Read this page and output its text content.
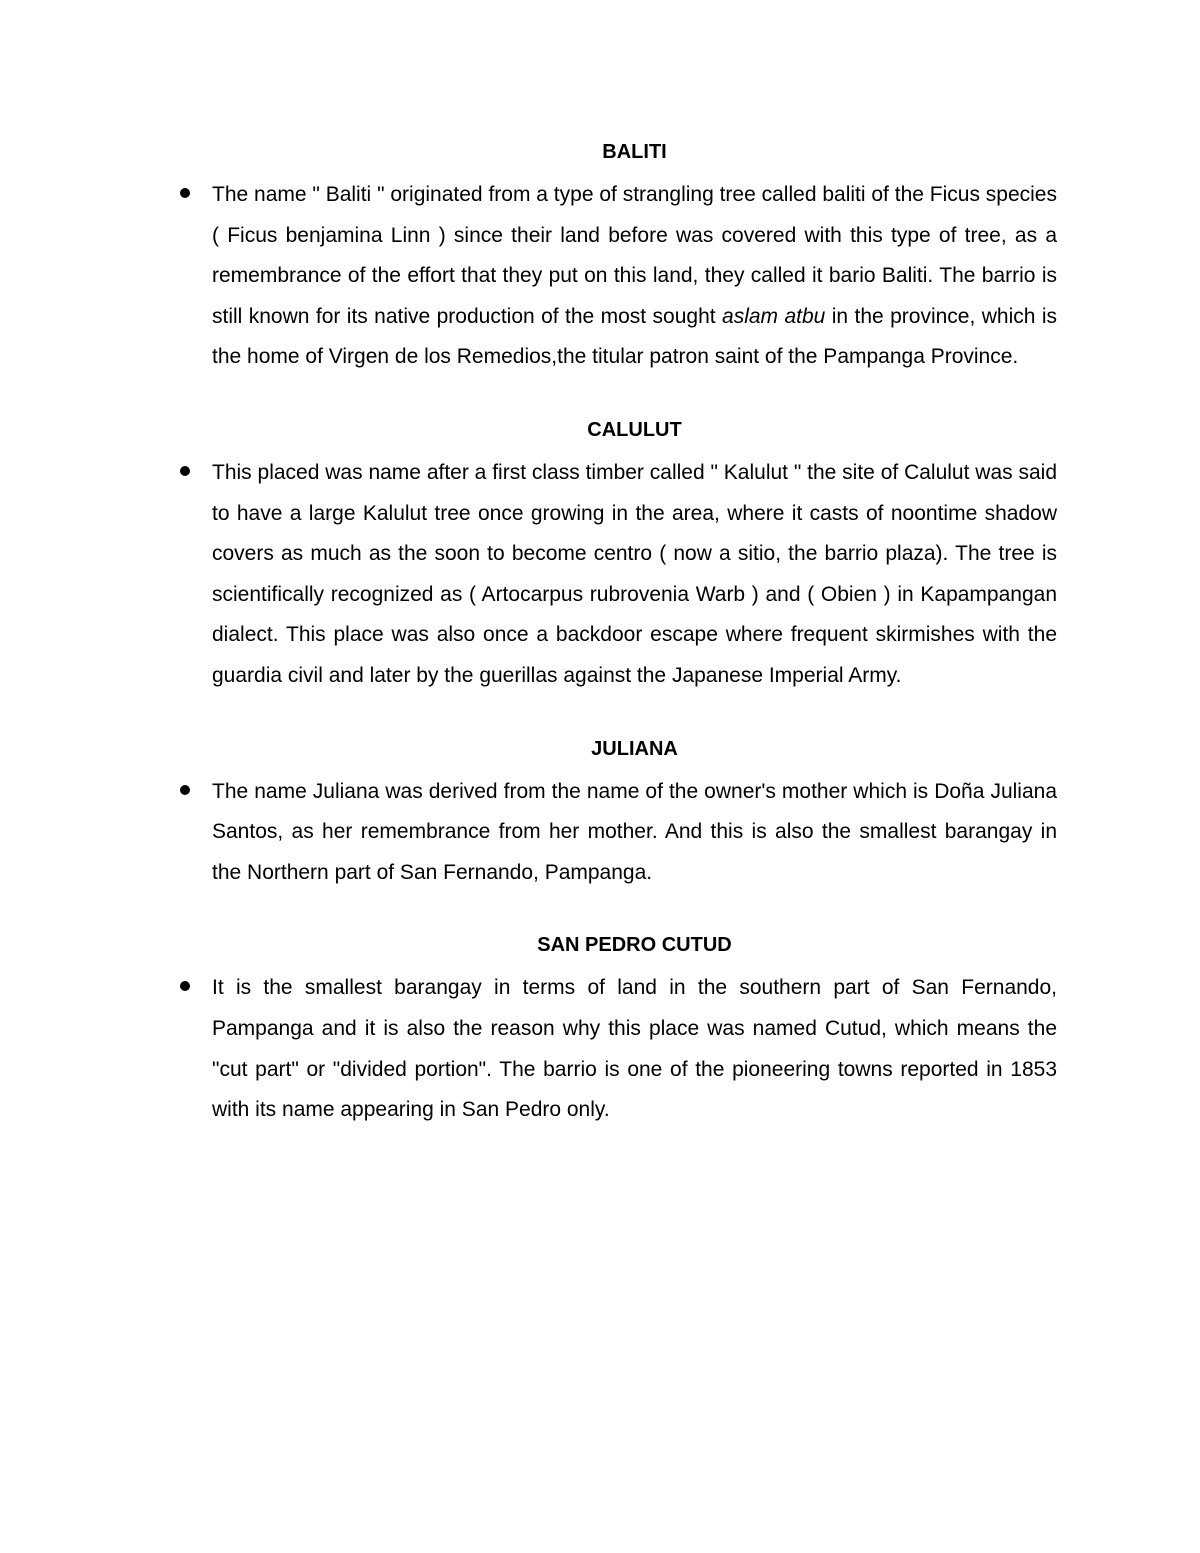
BALITI

The name " Baliti " originated from a type of strangling tree called baliti of the Ficus species ( Ficus benjamina Linn ) since their land before was covered with this type of tree, as a remembrance of the effort that they put on this land, they called it bario Baliti. The barrio is still known for its native production of the most sought aslam atbu in the province, which is the home of Virgen de los Remedios,the titular patron saint of the Pampanga Province.

CALULUT

This placed was name after a first class timber called " Kalulut " the site of Calulut was said to have a large Kalulut tree once growing in the area, where it casts of noontime shadow covers as much as the soon to become centro ( now a sitio, the barrio plaza). The tree is scientifically recognized as ( Artocarpus rubrovenia Warb ) and ( Obien ) in Kapampangan dialect. This place was also once a backdoor escape where frequent skirmishes with the guardia civil and later by the guerillas against the Japanese Imperial Army.

JULIANA

The name Juliana was derived from the name of the owner's mother which is Doña Juliana Santos, as her remembrance from her mother. And this is also the smallest barangay in the Northern part of San Fernando, Pampanga.

SAN PEDRO CUTUD

It is the smallest barangay in terms of land in the southern part of San Fernando, Pampanga and it is also the reason why this place was named Cutud, which means the "cut part" or "divided portion". The barrio is one of the pioneering towns reported in 1853 with its name appearing in San Pedro only.
